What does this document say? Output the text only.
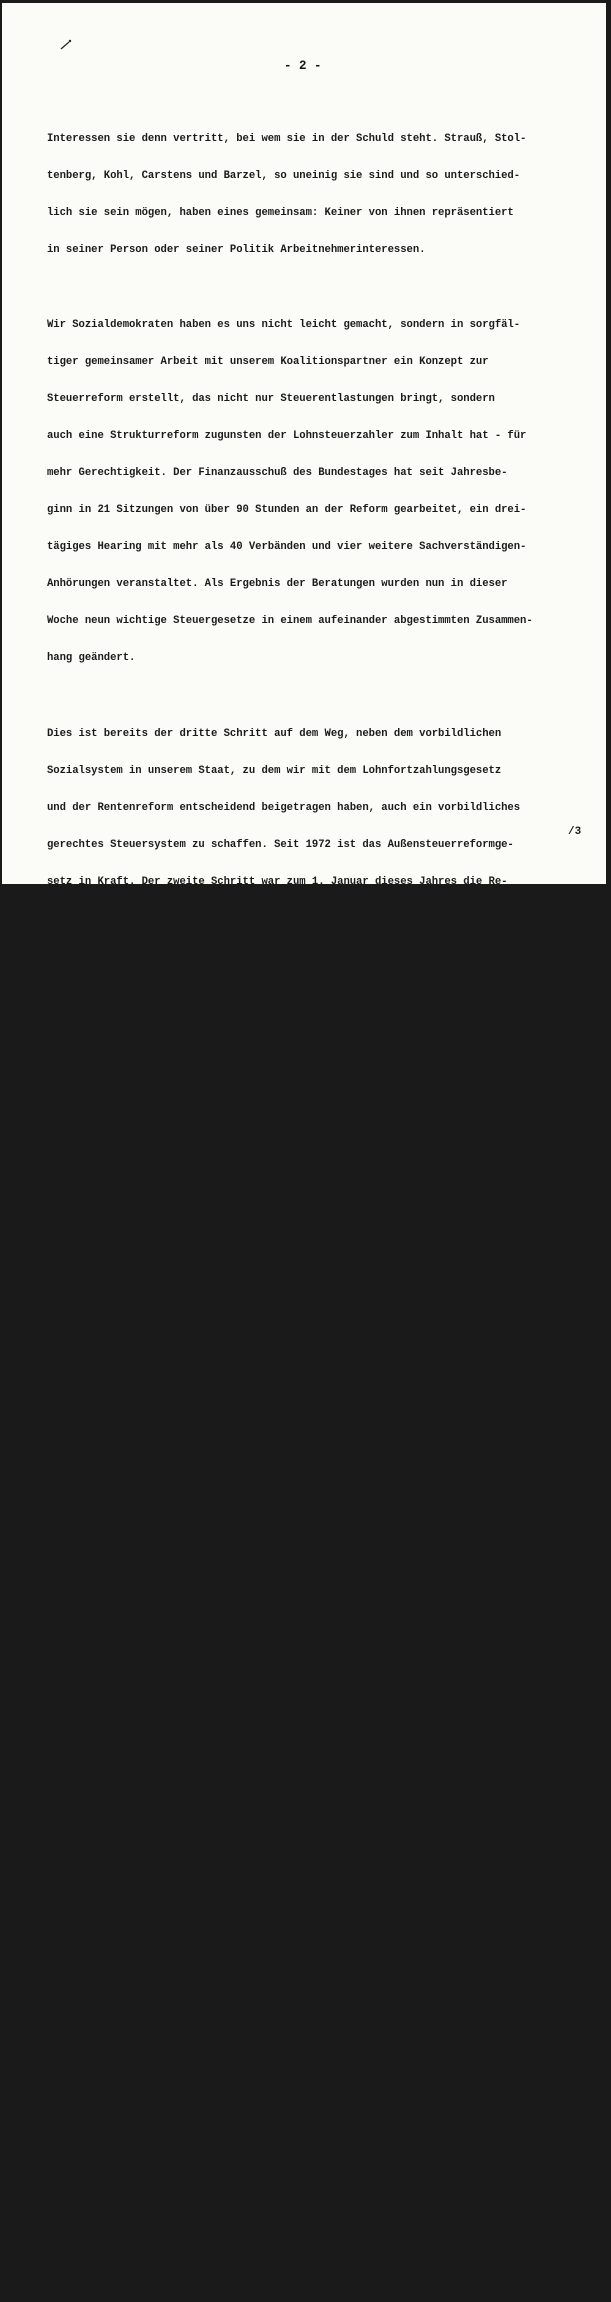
- 2 -

Interessen sie denn vertritt, bei wem sie in der Schuld steht. Strauß, Stol-

tenberg, Kohl, Carstens und Barzel, so uneinig sie sind und so unterschied-

lich sie sein mögen, haben eines gemeinsam: Keiner von ihnen repräsentiert

in seiner Person oder seiner Politik Arbeitnehmerinteressen.

Wir Sozialdemokraten haben es uns nicht leicht gemacht, sondern in sorgfäl-

tiger gemeinsamer Arbeit mit unserem Koalitionspartner ein Konzept zur

Steuerreform erstellt, das nicht nur Steuerentlastungen bringt, sondern

auch eine Strukturreform zugunsten der Lohnsteuerzahler zum Inhalt hat - für

mehr Gerechtigkeit. Der Finanzausschuß des Bundestages hat seit Jahresbe-

ginn in 21 Sitzungen von über 90 Stunden an der Reform gearbeitet, ein drei-

tägiges Hearing mit mehr als 40 Verbänden und vier weitere Sachverständigen-

Anhörungen veranstaltet. Als Ergebnis der Beratungen wurden nun in dieser

Woche neun wichtige Steuergesetze in einem aufeinander abgestimmten Zusammen-

hang geändert.

Dies ist bereits der dritte Schritt auf dem Weg, neben dem vorbildlichen

Sozialsystem in unserem Staat, zu dem wir mit dem Lohnfortzahlungsgesetz

und der Rentenreform entscheidend beigetragen haben, auch ein vorbildliches

gerechtes Steuersystem zu schaffen. Seit 1972 ist das Außensteuerreformge-

setz in Kraft. Der zweite Schritt war zum 1. Januar dieses Jahres die Re-

form der Grundsteuer, der Erbschaftssteuer und der Vermögenssteuer. Und

jetzt ist zum 1. Januar kommenden Jahres die Reform der Einkommen- und Lohn-

steuer beschlossen, die eigentlich sogar ein Doppelschritt ist, weil auch

wesentliche Verbesserungen der Gewerbesteuer vorgenommen werden.

Um mit dem letzgenannten anzufangen: Von den 1,6 Millionen Gewerbetrieben

werden 800.000 von der Gewerbeertragssteuer befreit, also jeder zweite. Die

mittelständischen Gewerbebetriebe werden um eine Dreiviertel-Milliarde Mark

steuerlich entlastet und damit in ihrer Wettbewerbsfähigkeit gegenüber

finanzstarken Großunternehmen gefördert.

Bei der Reform der Lohn- und Einkommensteuer sind in unserem umfangreichen

Konzept die zentralen Punkte die neue Kindergeldregelung und die Änderung

des Sonderausgabenabzugs.

Die bisherige Kinderfreibeträge bei der Einkommen- und Lohnsteuer führten

bei steigenden Einkommen zu einer wachsenden Vergünstigung. Wer mehr ver-

dient, dessen Kind war gegenüber dem Finanzamt "mehr wert". Die Neuregelung

gewährleistet eine gleichmäßige Entlastung unabhängig von der Höhe des

Einkommens der Eltern.

Ähnlich ist es mit dem Abzug der Sonderausgaben und des Arbeitnehmerfrei-

betrages von der Steuerschuld und nicht mehr wie bisher von der Bemessungs-

grundlage, wie die Fachleute sagen. Der Arbeitnehmerfreibetrag wird auf

600 Mark erhöht und künftig mit 22 % von der Steuerschuld abgezogen und

führt damit zu einer für alle Arbeitnehmer gleichen Entlastung unabhängig

von der Höhe des Einkommens. Die Berücksichtigung von Vorsorgeaufwendungen,

also zum Beispiel Lebensversicherungen, die bisher als Sonderausgaben gel-

tend gemacht werden können, wird durch eine Erhöhung der Höchstbeträge an

die wirtschaftliche Entwicklung angepaßt. Dadurch, daß sie künftig einheit-

lich mit einem Satz von 22 % von der Steuerschuld abgezogen werden, erhal-

ten alle - unabhängig von der Höhe des Einkommens - eine prozentuale glei-

che steuerliche Begünstigung ihrer Vorsorgeaufwendungen.

Die CDU/CSU ist gegen diese Reform. Sie will, daß die Steuerlasten unge-

recht verteilt bleiben. Ein Beispiel für eine Familie mit zwei Kindern:

Wer mehrere 100.000 Mark verdient, der soll (wenns nach der CDU/CSU ginge)

/3
